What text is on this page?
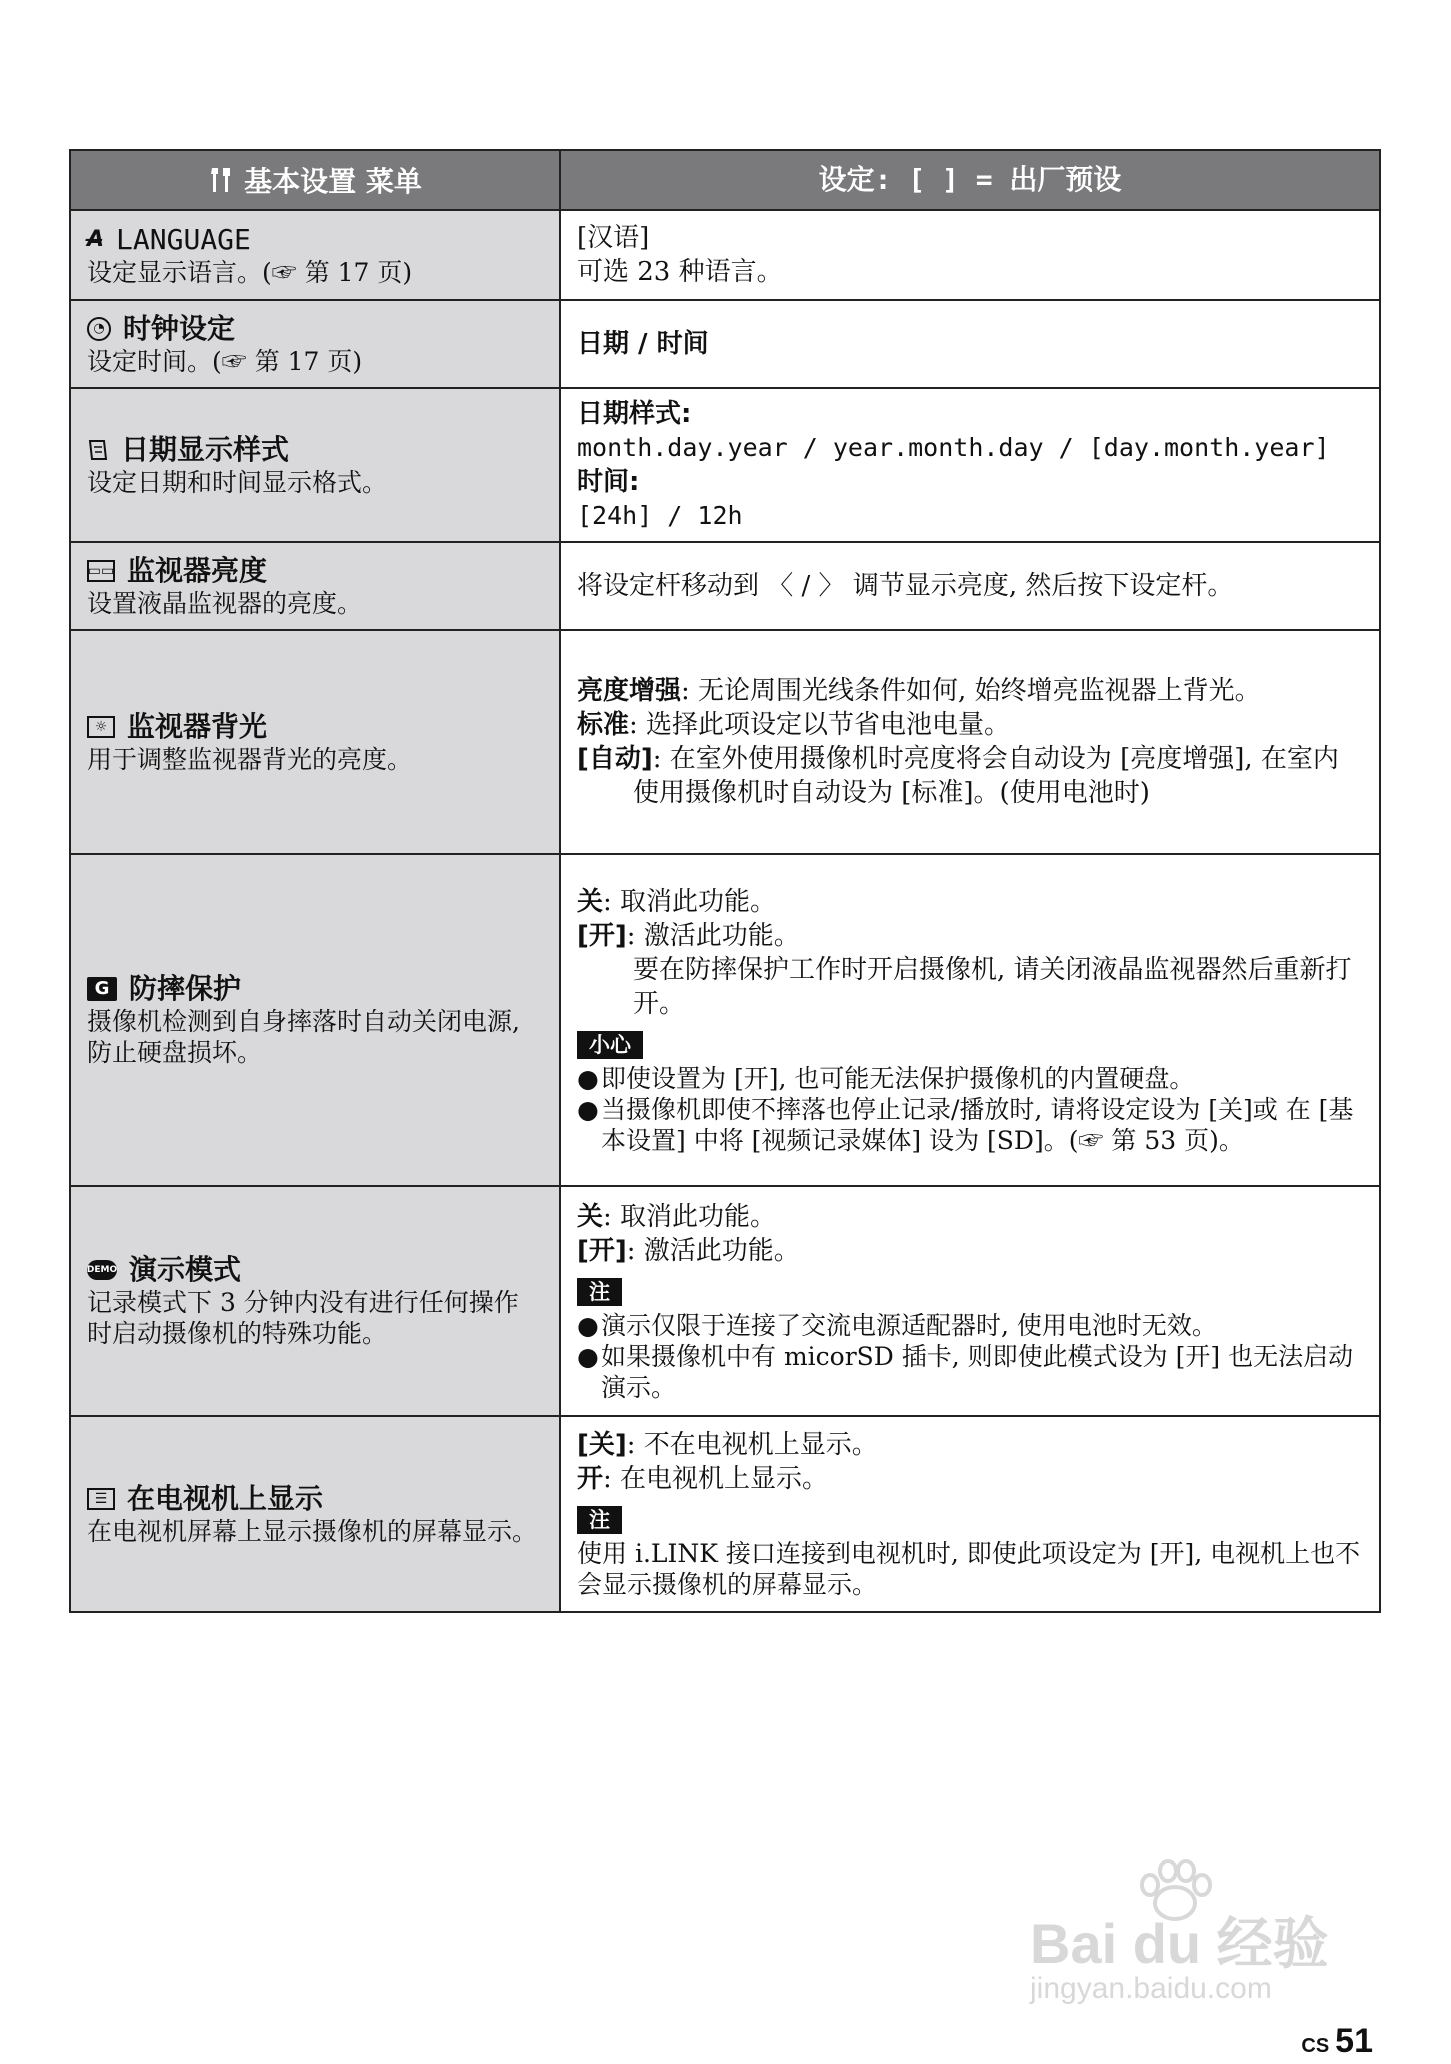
基本设置 菜单	设定: [ ] = 出厂预设
A̶ LANGUAGE
设定显示语言。(☞ 第 17 页)
[汉语]
可选 23 种语言。
◔ 时钟设定
设定时间。(☞ 第 17 页)
日期 / 时间
日期显示样式
设定日期和时间显示格式。
日期样式:
month.day.year / year.month.day / [day.month.year]
时间:
[24h] / 12h
▭▭ 监视器亮度
设置液晶监视器的亮度。
将设定杆移动到 〈 / 〉 调节显示亮度, 然后按下设定杆。
☼ 监视器背光
用于调整监视器背光的亮度。
亮度增强: 无论周围光线条件如何, 始终增亮监视器上背光。
标准: 选择此项设定以节省电池电量。
[自动]: 在室外使用摄像机时亮度将会自动设为 [亮度增强], 在室内使用摄像机时自动设为 [标准]。(使用电池时)
G 防摔保护
摄像机检测到自身摔落时自动关闭电源, 防止硬盘损坏。
关: 取消此功能。
[开]: 激活此功能。
要在防摔保护工作时开启摄像机, 请关闭液晶监视器然后重新打开。
小心
●即使设置为 [开], 也可能无法保护摄像机的内置硬盘。
●当摄像机即使不摔落也停止记录/播放时, 请将设定设为 [关]或 在 [基本设置] 中将 [视频记录媒体] 设为 [SD]。(☞ 第 53 页)。
DEMO 演示模式
记录模式下 3 分钟内没有进行任何操作时启动摄像机的特殊功能。
关: 取消此功能。
[开]: 激活此功能。
注
●演示仅限于连接了交流电源适配器时, 使用电池时无效。
●如果摄像机中有 micorSD 插卡, 则即使此模式设为 [开] 也无法启动演示。
☰ 在电视机上显示
在电视机屏幕上显示摄像机的屏幕显示。
[关]: 不在电视机上显示。
开: 在电视机上显示。
注
使用 i.LINK 接口连接到电视机时, 即使此项设定为 [开], 电视机上也不会显示摄像机的屏幕显示。
Bai du 经验
jingyan.baidu.com
CS 51
